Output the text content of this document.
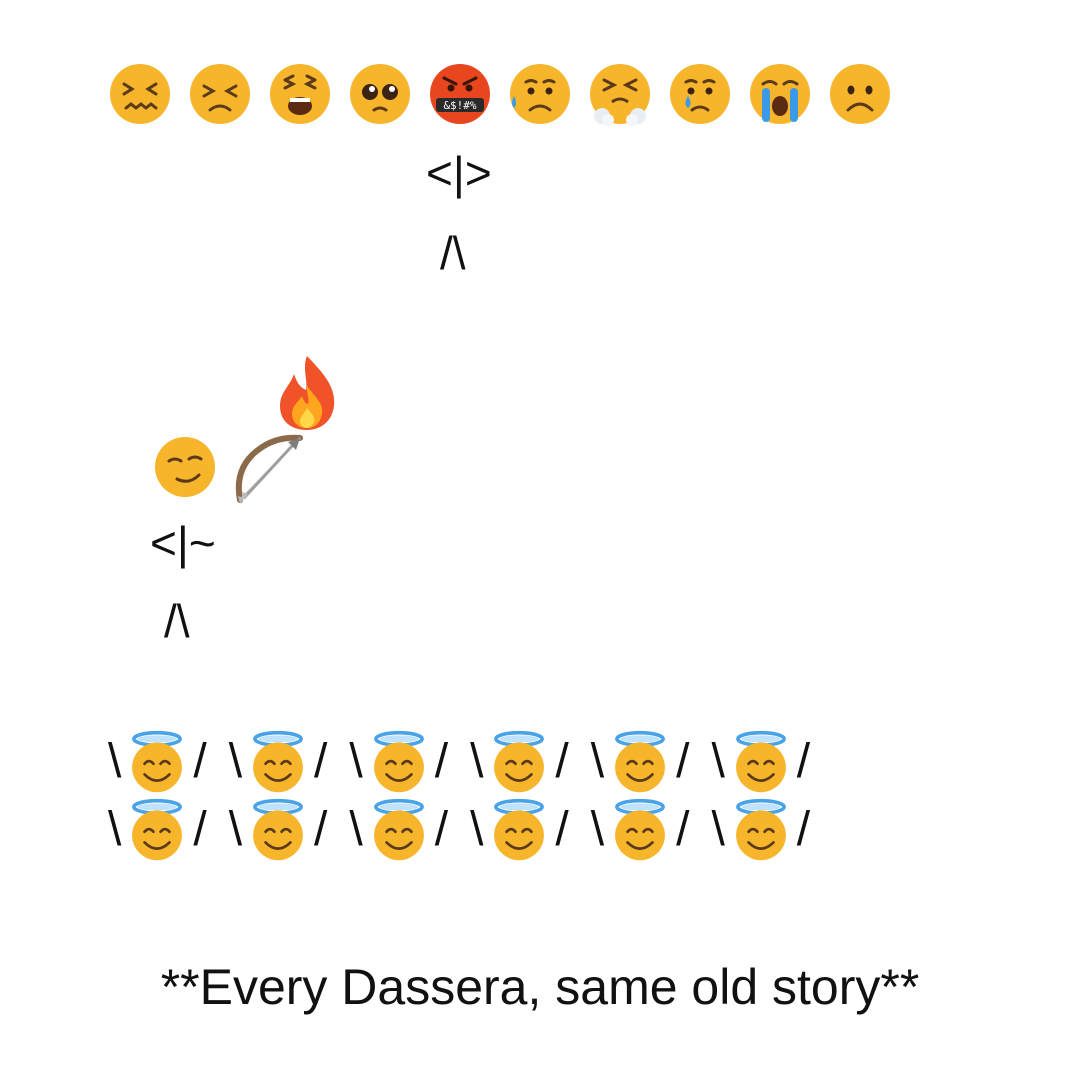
&$!#%
<|>
/\
<|~
/\
\ / \ / \ / \ / \ / \ /
\ / \ / \ / \ / \ / \ /
**Every Dassera, same old story**
